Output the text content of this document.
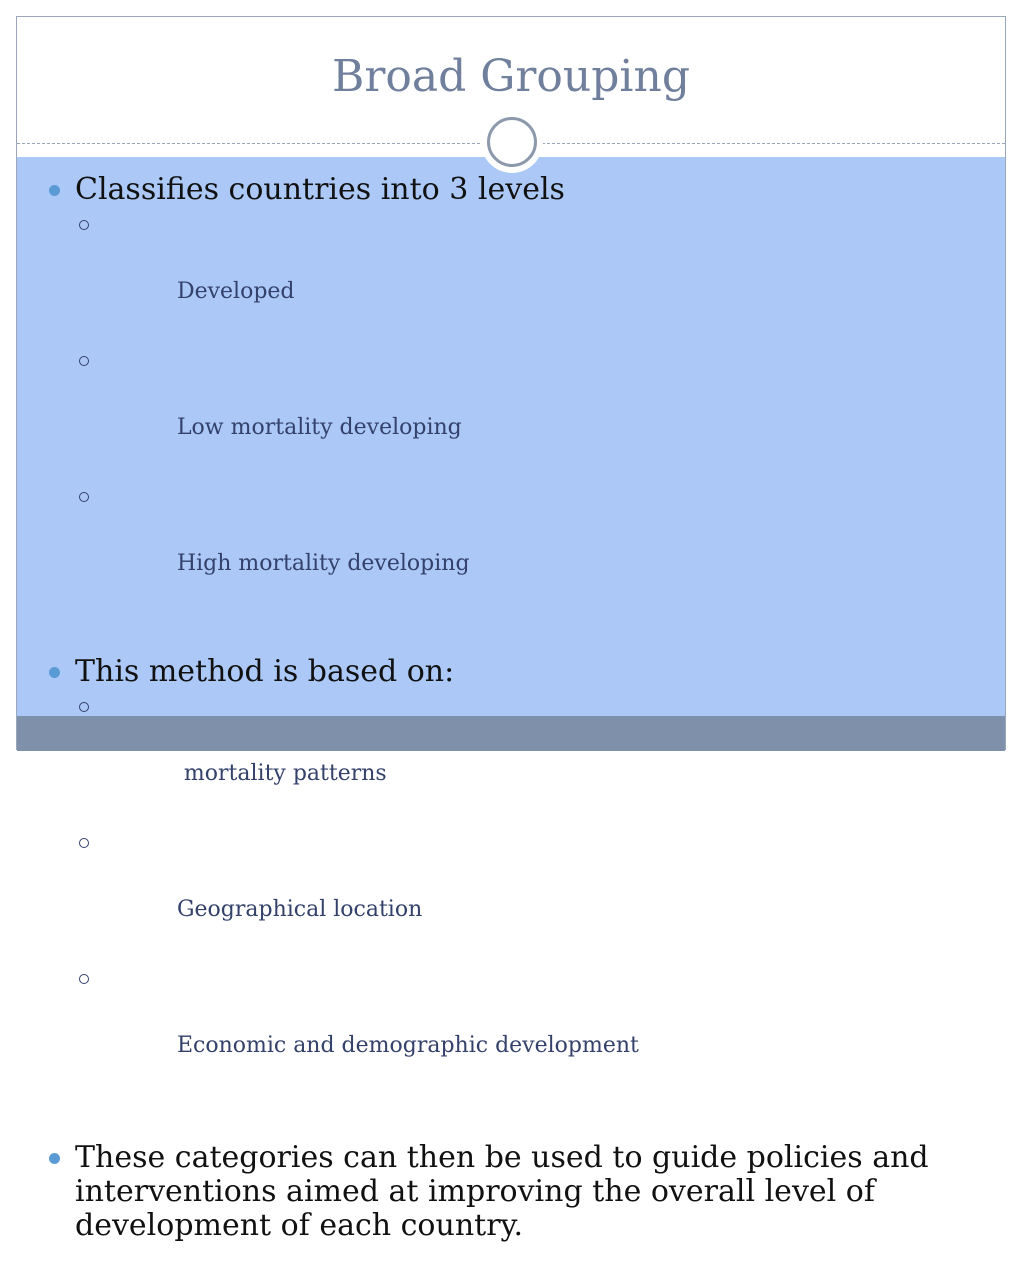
Broad Grouping
Classifies countries into 3 levels

Developed

Low mortality developing

High mortality developing

This method is based on:

mortality patterns

Geographical location

Economic and demographic development

These categories can then be used to guide policies and interventions aimed at improving the overall level of development of each country.
